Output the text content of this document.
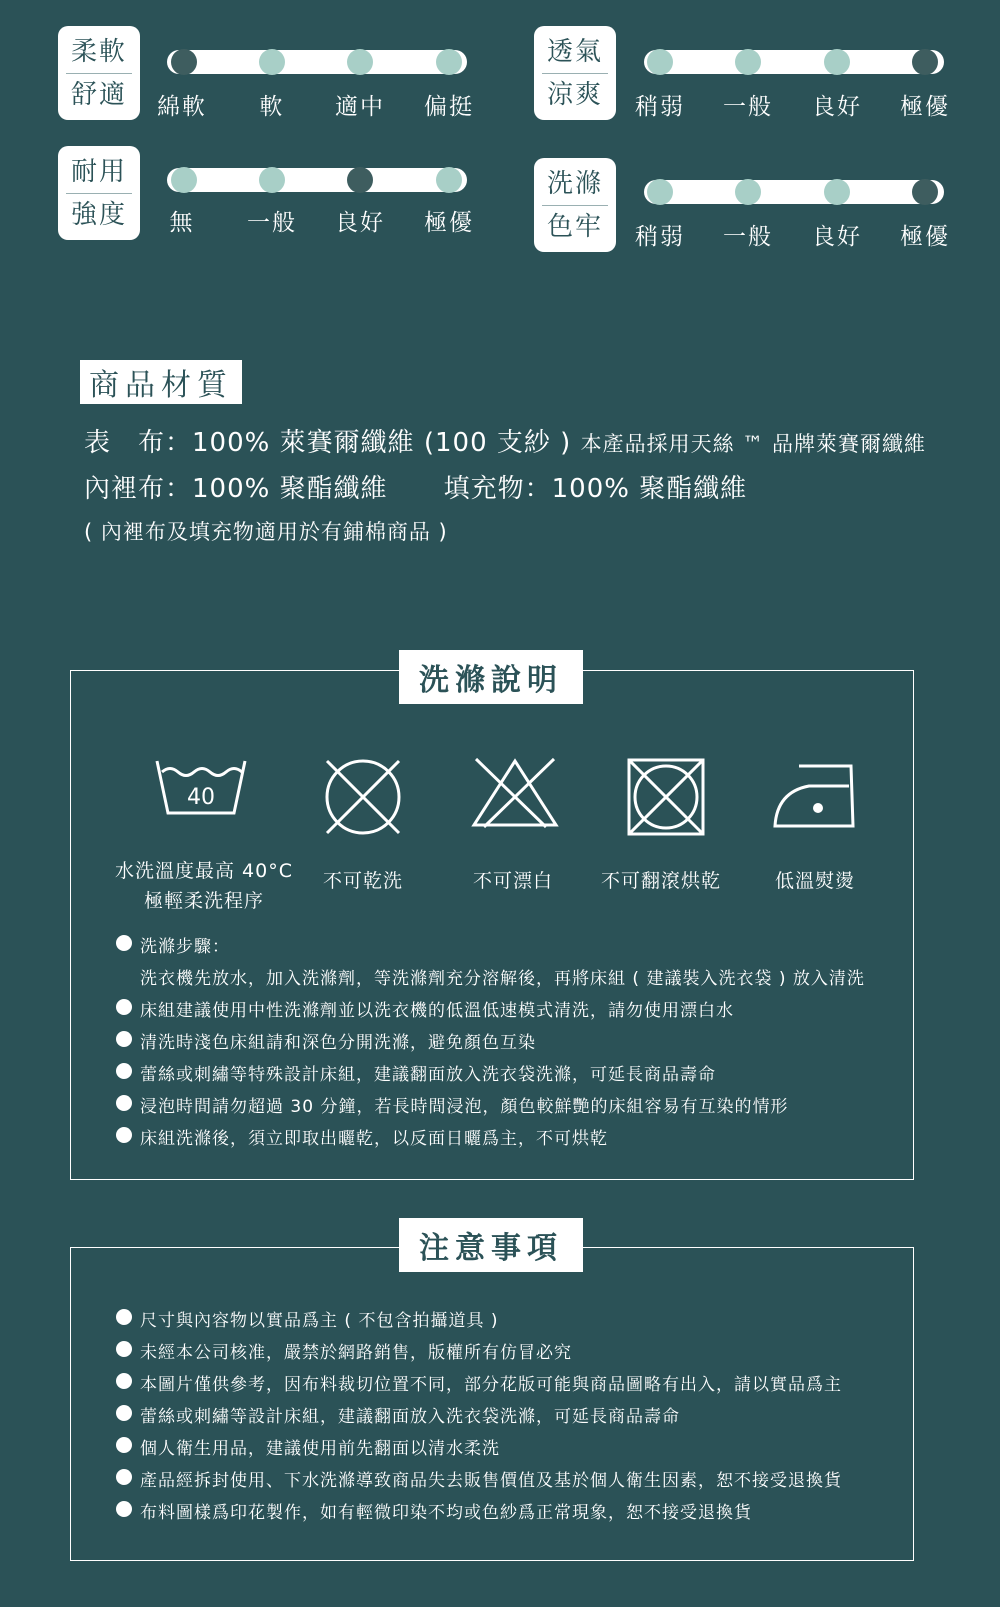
柔軟
舒適	綿軟	軟	適中	偏挺
透氣
涼爽	稍弱	一般	良好	極優
耐用
強度	無	一般	良好	極優
洗滌
色牢	稍弱	一般	良好	極優
商品材質
表　布：100% 萊賽爾纖維 (100 支紗 ) 本產品採用天絲 ™ 品牌萊賽爾纖維
內裡布：100% 聚酯纖維 填充物：100% 聚酯纖維
( 內裡布及填充物適用於有鋪棉商品 )
洗滌說明
40
水洗溫度最高 40°C
極輕柔洗程序
不可乾洗	不可漂白	不可翻滾烘乾	低溫熨燙
洗滌步驟：
洗衣機先放水，加入洗滌劑，等洗滌劑充分溶解後，再將床組 ( 建議裝入洗衣袋 ) 放入清洗
床組建議使用中性洗滌劑並以洗衣機的低溫低速模式清洗，請勿使用漂白水
清洗時淺色床組請和深色分開洗滌，避免顏色互染
蕾絲或刺繡等特殊設計床組，建議翻面放入洗衣袋洗滌，可延長商品壽命
浸泡時間請勿超過 30 分鐘，若長時間浸泡，顏色較鮮艷的床組容易有互染的情形
床組洗滌後，須立即取出曬乾，以反面日曬爲主，不可烘乾
注意事項
尺寸與內容物以實品爲主 ( 不包含拍攝道具 )
未經本公司核准，嚴禁於網路銷售，版權所有仿冒必究
本圖片僅供參考，因布料裁切位置不同，部分花版可能與商品圖略有出入，請以實品爲主
蕾絲或刺繡等設計床組，建議翻面放入洗衣袋洗滌，可延長商品壽命
個人衛生用品，建議使用前先翻面以清水柔洗
產品經拆封使用、下水洗滌導致商品失去販售價值及基於個人衛生因素，恕不接受退換貨
布料圖樣爲印花製作，如有輕微印染不均或色紗爲正常現象，恕不接受退換貨
